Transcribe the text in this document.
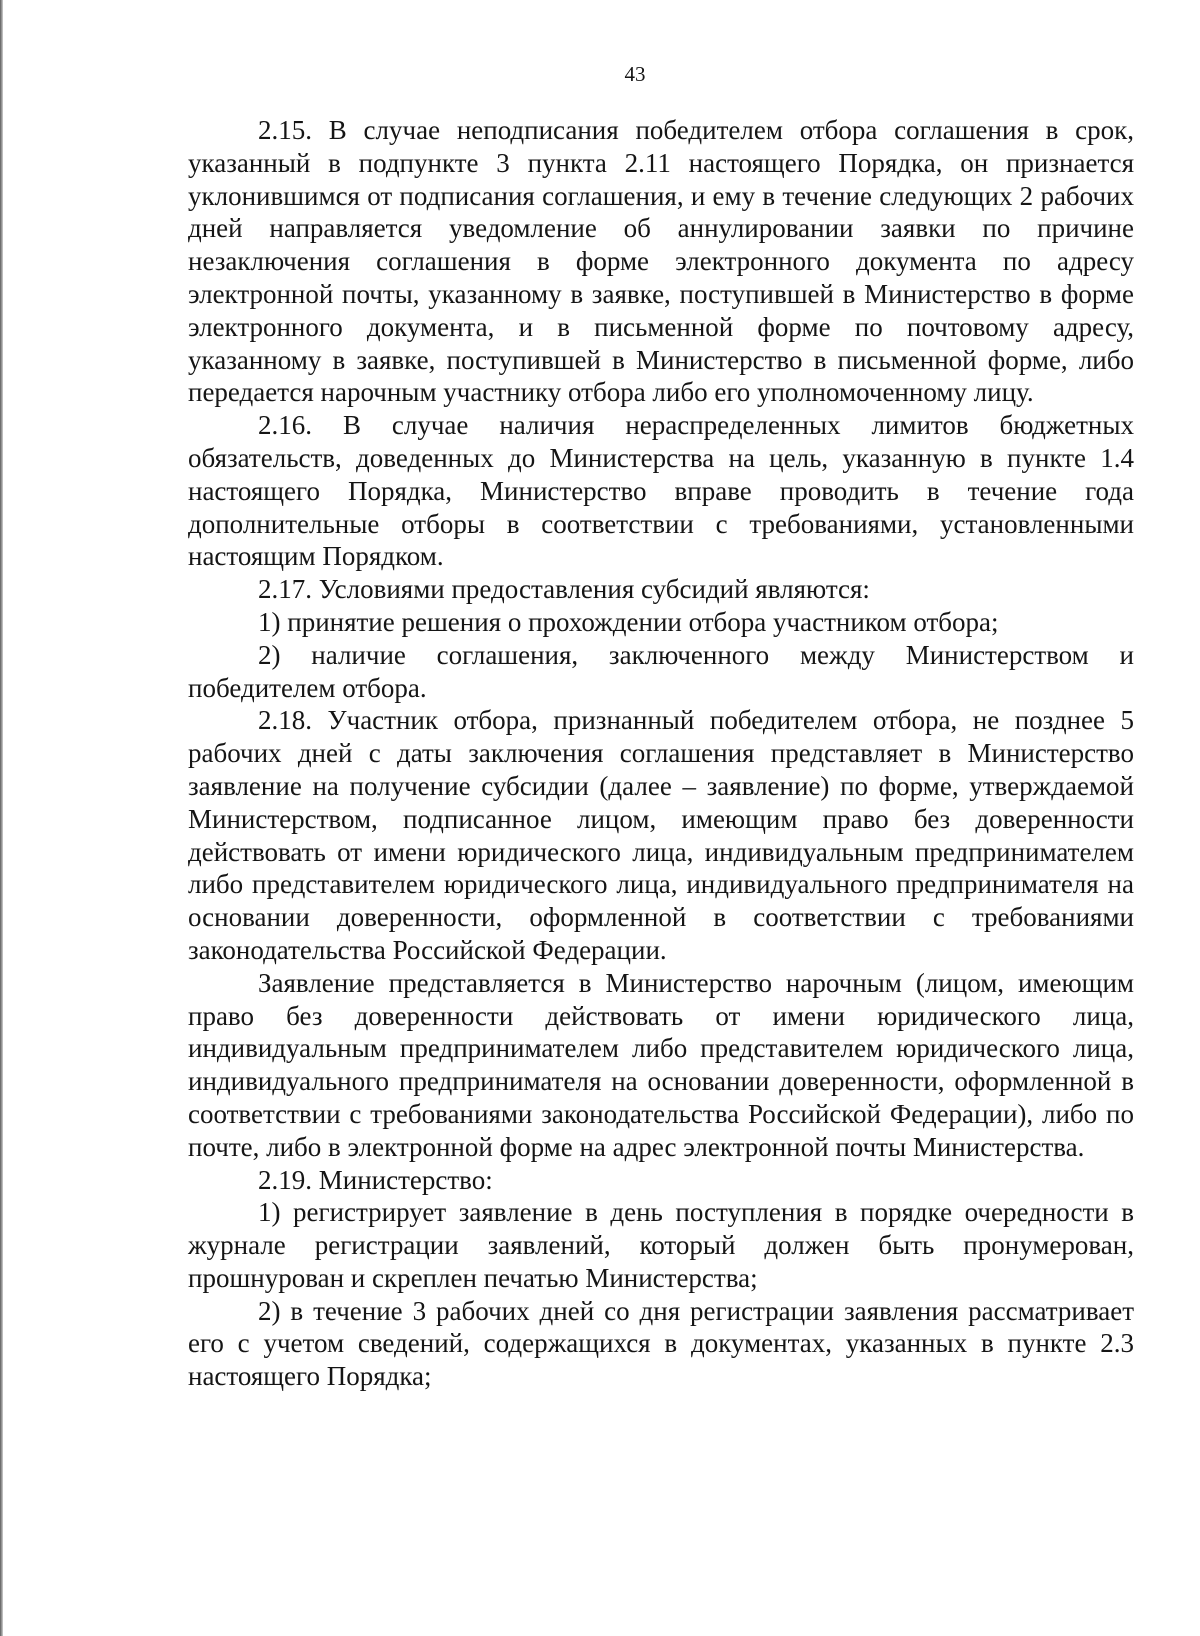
43

2.15. В случае неподписания победителем отбора соглашения в срок, указанный в подпункте 3 пункта 2.11 настоящего Порядка, он признается уклонившимся от подписания соглашения, и ему в течение следующих 2 рабочих дней направляется уведомление об аннулировании заявки по причине незаключения соглашения в форме электронного документа по адресу электронной почты, указанному в заявке, поступившей в Министерство в форме электронного документа, и в письменной форме по почтовому адресу, указанному в заявке, поступившей в Министерство в письменной форме, либо передается нарочным участнику отбора либо его уполномоченному лицу.

2.16. В случае наличия нераспределенных лимитов бюджетных обязательств, доведенных до Министерства на цель, указанную в пункте 1.4 настоящего Порядка, Министерство вправе проводить в течение года дополнительные отборы в соответствии с требованиями, установленными настоящим Порядком.

2.17. Условиями предоставления субсидий являются:

1) принятие решения о прохождении отбора участником отбора;

2) наличие соглашения, заключенного между Министерством и победителем отбора.

2.18. Участник отбора, признанный победителем отбора, не позднее 5 рабочих дней с даты заключения соглашения представляет в Министерство заявление на получение субсидии (далее – заявление) по форме, утверждаемой Министерством, подписанное лицом, имеющим право без доверенности действовать от имени юридического лица, индивидуальным предпринимателем либо представителем юридического лица, индивидуального предпринимателя на основании доверенности, оформленной в соответствии с требованиями законодательства Российской Федерации.

Заявление представляется в Министерство нарочным (лицом, имеющим право без доверенности действовать от имени юридического лица, индивидуальным предпринимателем либо представителем юридического лица, индивидуального предпринимателя на основании доверенности, оформленной в соответствии с требованиями законодательства Российской Федерации), либо по почте, либо в электронной форме на адрес электронной почты Министерства.

2.19. Министерство:

1) регистрирует заявление в день поступления в порядке очередности в журнале регистрации заявлений, который должен быть пронумерован, прошнурован и скреплен печатью Министерства;

2) в течение 3 рабочих дней со дня регистрации заявления рассматривает его с учетом сведений, содержащихся в документах, указанных в пункте 2.3 настоящего Порядка;
